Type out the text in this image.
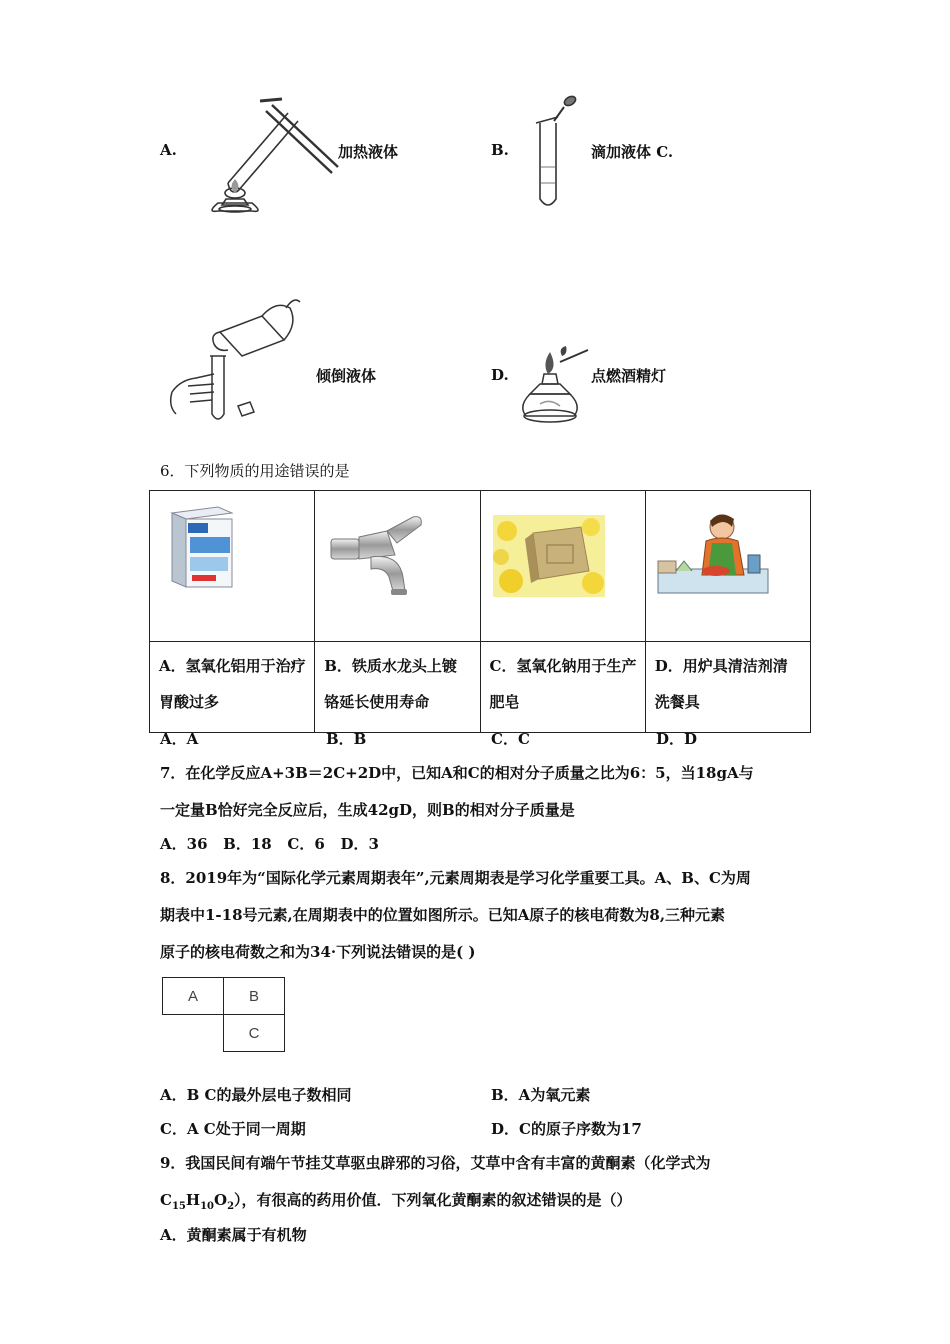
A.	加热液体	B.	滴加液体 C.
倾倒液体	D.	点燃酒精灯
6．下列物质的用途错误的是

A．氢氧化铝用于治疗胃酸过多	B．铁质水龙头上镀铬延长使用寿命	C．氢氧化钠用于生产肥皂	D．用炉具清洁剂清洗餐具
A．A	B．B	C．C	D．D
7．在化学反应A+3B＝2C+2D中，已知A和C的相对分子质量之比为6：5，当18gA与
一定量B恰好完全反应后，生成42gD，则B的相对分子质量是
A．36   B．18   C．6   D．3
8．2019年为“国际化学元素周期表年”,元素周期表是学习化学重要工具。A、B、C为周
期表中1-18号元素,在周期表中的位置如图所示。已知A原子的核电荷数为8,三种元素
原子的核电荷数之和为34·下列说法错误的是( )
A	B
	C
A．B C的最外层电子数相同	B．A为氧元素
C．A C处于同一周期	D．C的原子序数为17
9．我国民间有端午节挂艾草驱虫辟邪的习俗，艾草中含有丰富的黄酮素（化学式为
$C_{15}H_{10}O_2$），有很高的药用价值．下列氧化黄酮素的叙述错误的是（）
A．黄酮素属于有机物
